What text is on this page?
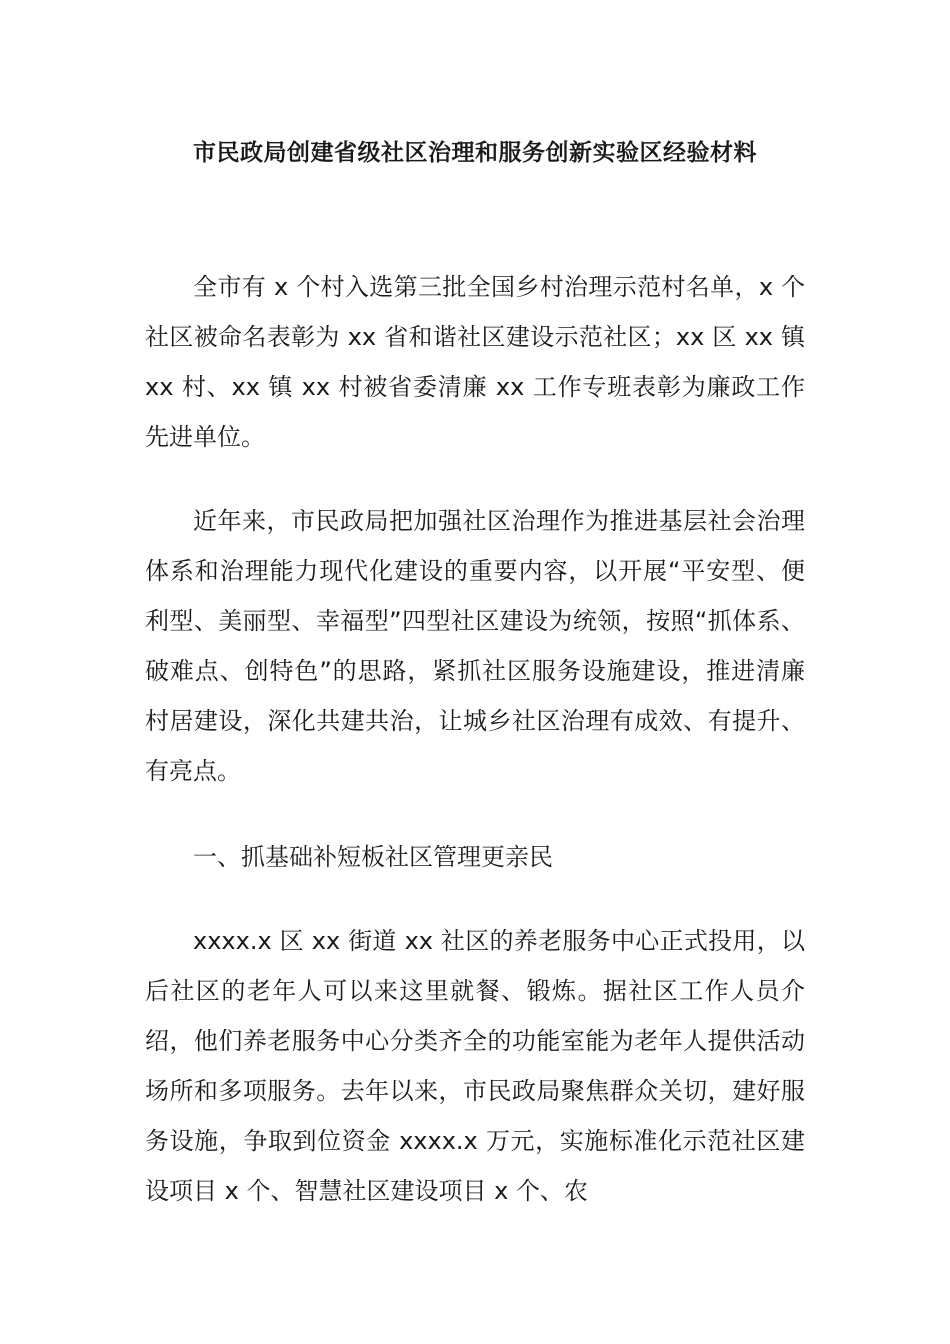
市民政局创建省级社区治理和服务创新实验区经验材料

全市有 x 个村入选第三批全国乡村治理示范村名单，x 个社区被命名表彰为 xx 省和谐社区建设示范社区；xx 区 xx 镇 xx 村、xx 镇 xx 村被省委清廉 xx 工作专班表彰为廉政工作先进单位。

近年来，市民政局把加强社区治理作为推进基层社会治理体系和治理能力现代化建设的重要内容，以开展“平安型、便利型、美丽型、幸福型”四型社区建设为统领，按照“抓体系、破难点、创特色”的思路，紧抓社区服务设施建设，推进清廉村居建设，深化共建共治，让城乡社区治理有成效、有提升、有亮点。

一、抓基础补短板社区管理更亲民

xxxx.x 区 xx 街道 xx 社区的养老服务中心正式投用，以后社区的老年人可以来这里就餐、锻炼。据社区工作人员介绍，他们养老服务中心分类齐全的功能室能为老年人提供活动场所和多项服务。去年以来，市民政局聚焦群众关切，建好服务设施，争取到位资金 xxxx.x 万元，实施标准化示范社区建设项目 x 个、智慧社区建设项目 x 个、农
